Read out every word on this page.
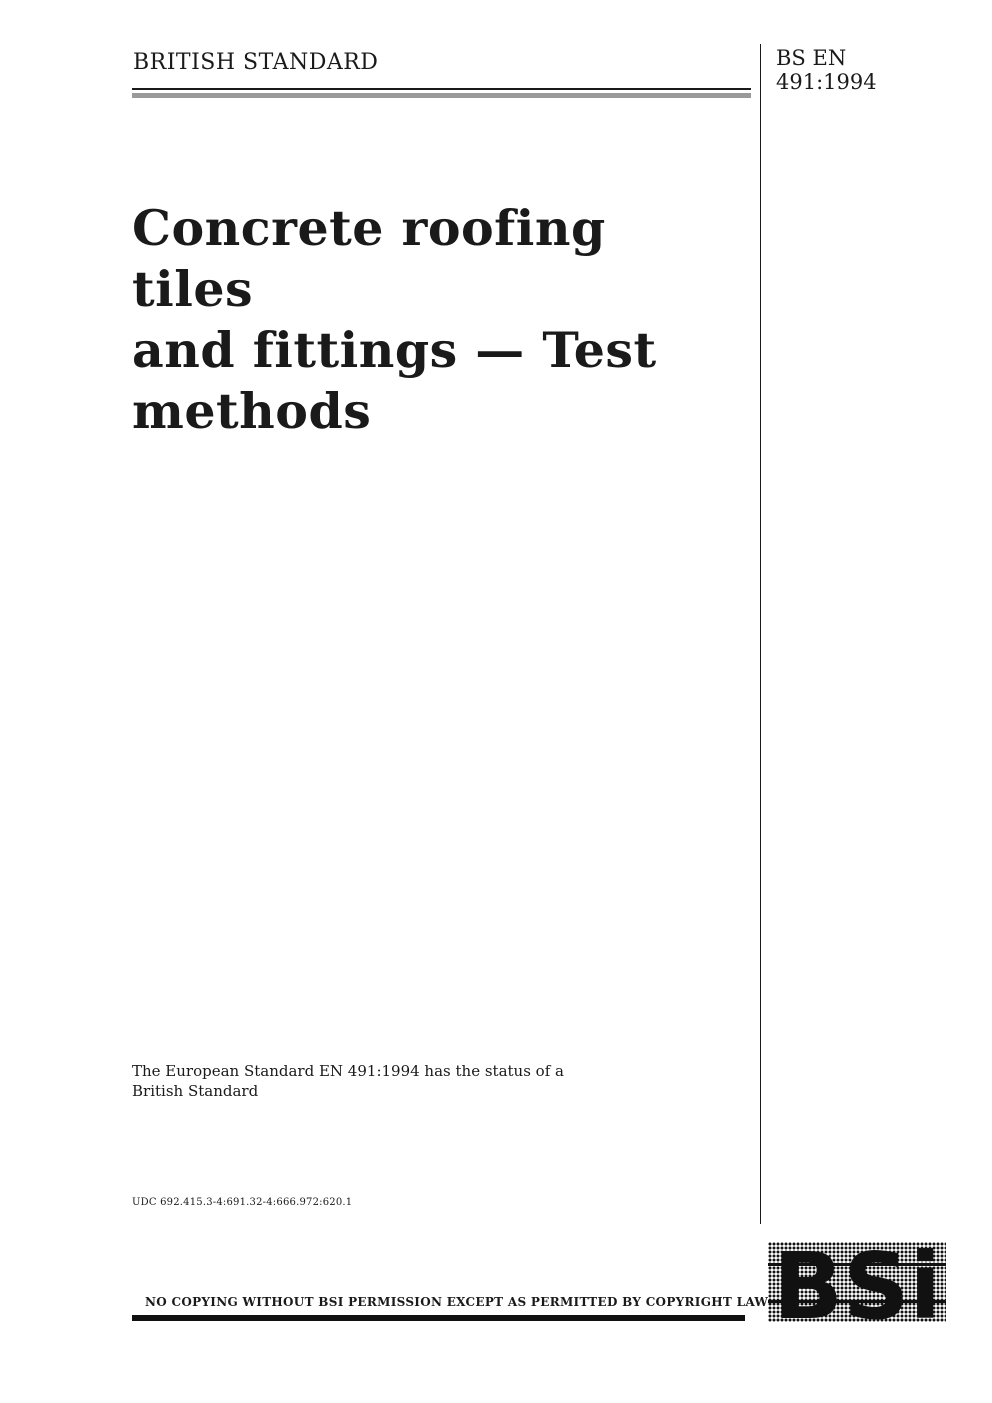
BRITISH STANDARD	BS EN
491:1994
Concrete roofing tiles
and fittings — Test
methods
The European Standard EN 491:1994 has the status of a
British Standard
UDC 692.415.3-4:691.32-4:666.972:620.1
NO COPYING WITHOUT BSI PERMISSION EXCEPT AS PERMITTED BY COPYRIGHT LAW BSi
